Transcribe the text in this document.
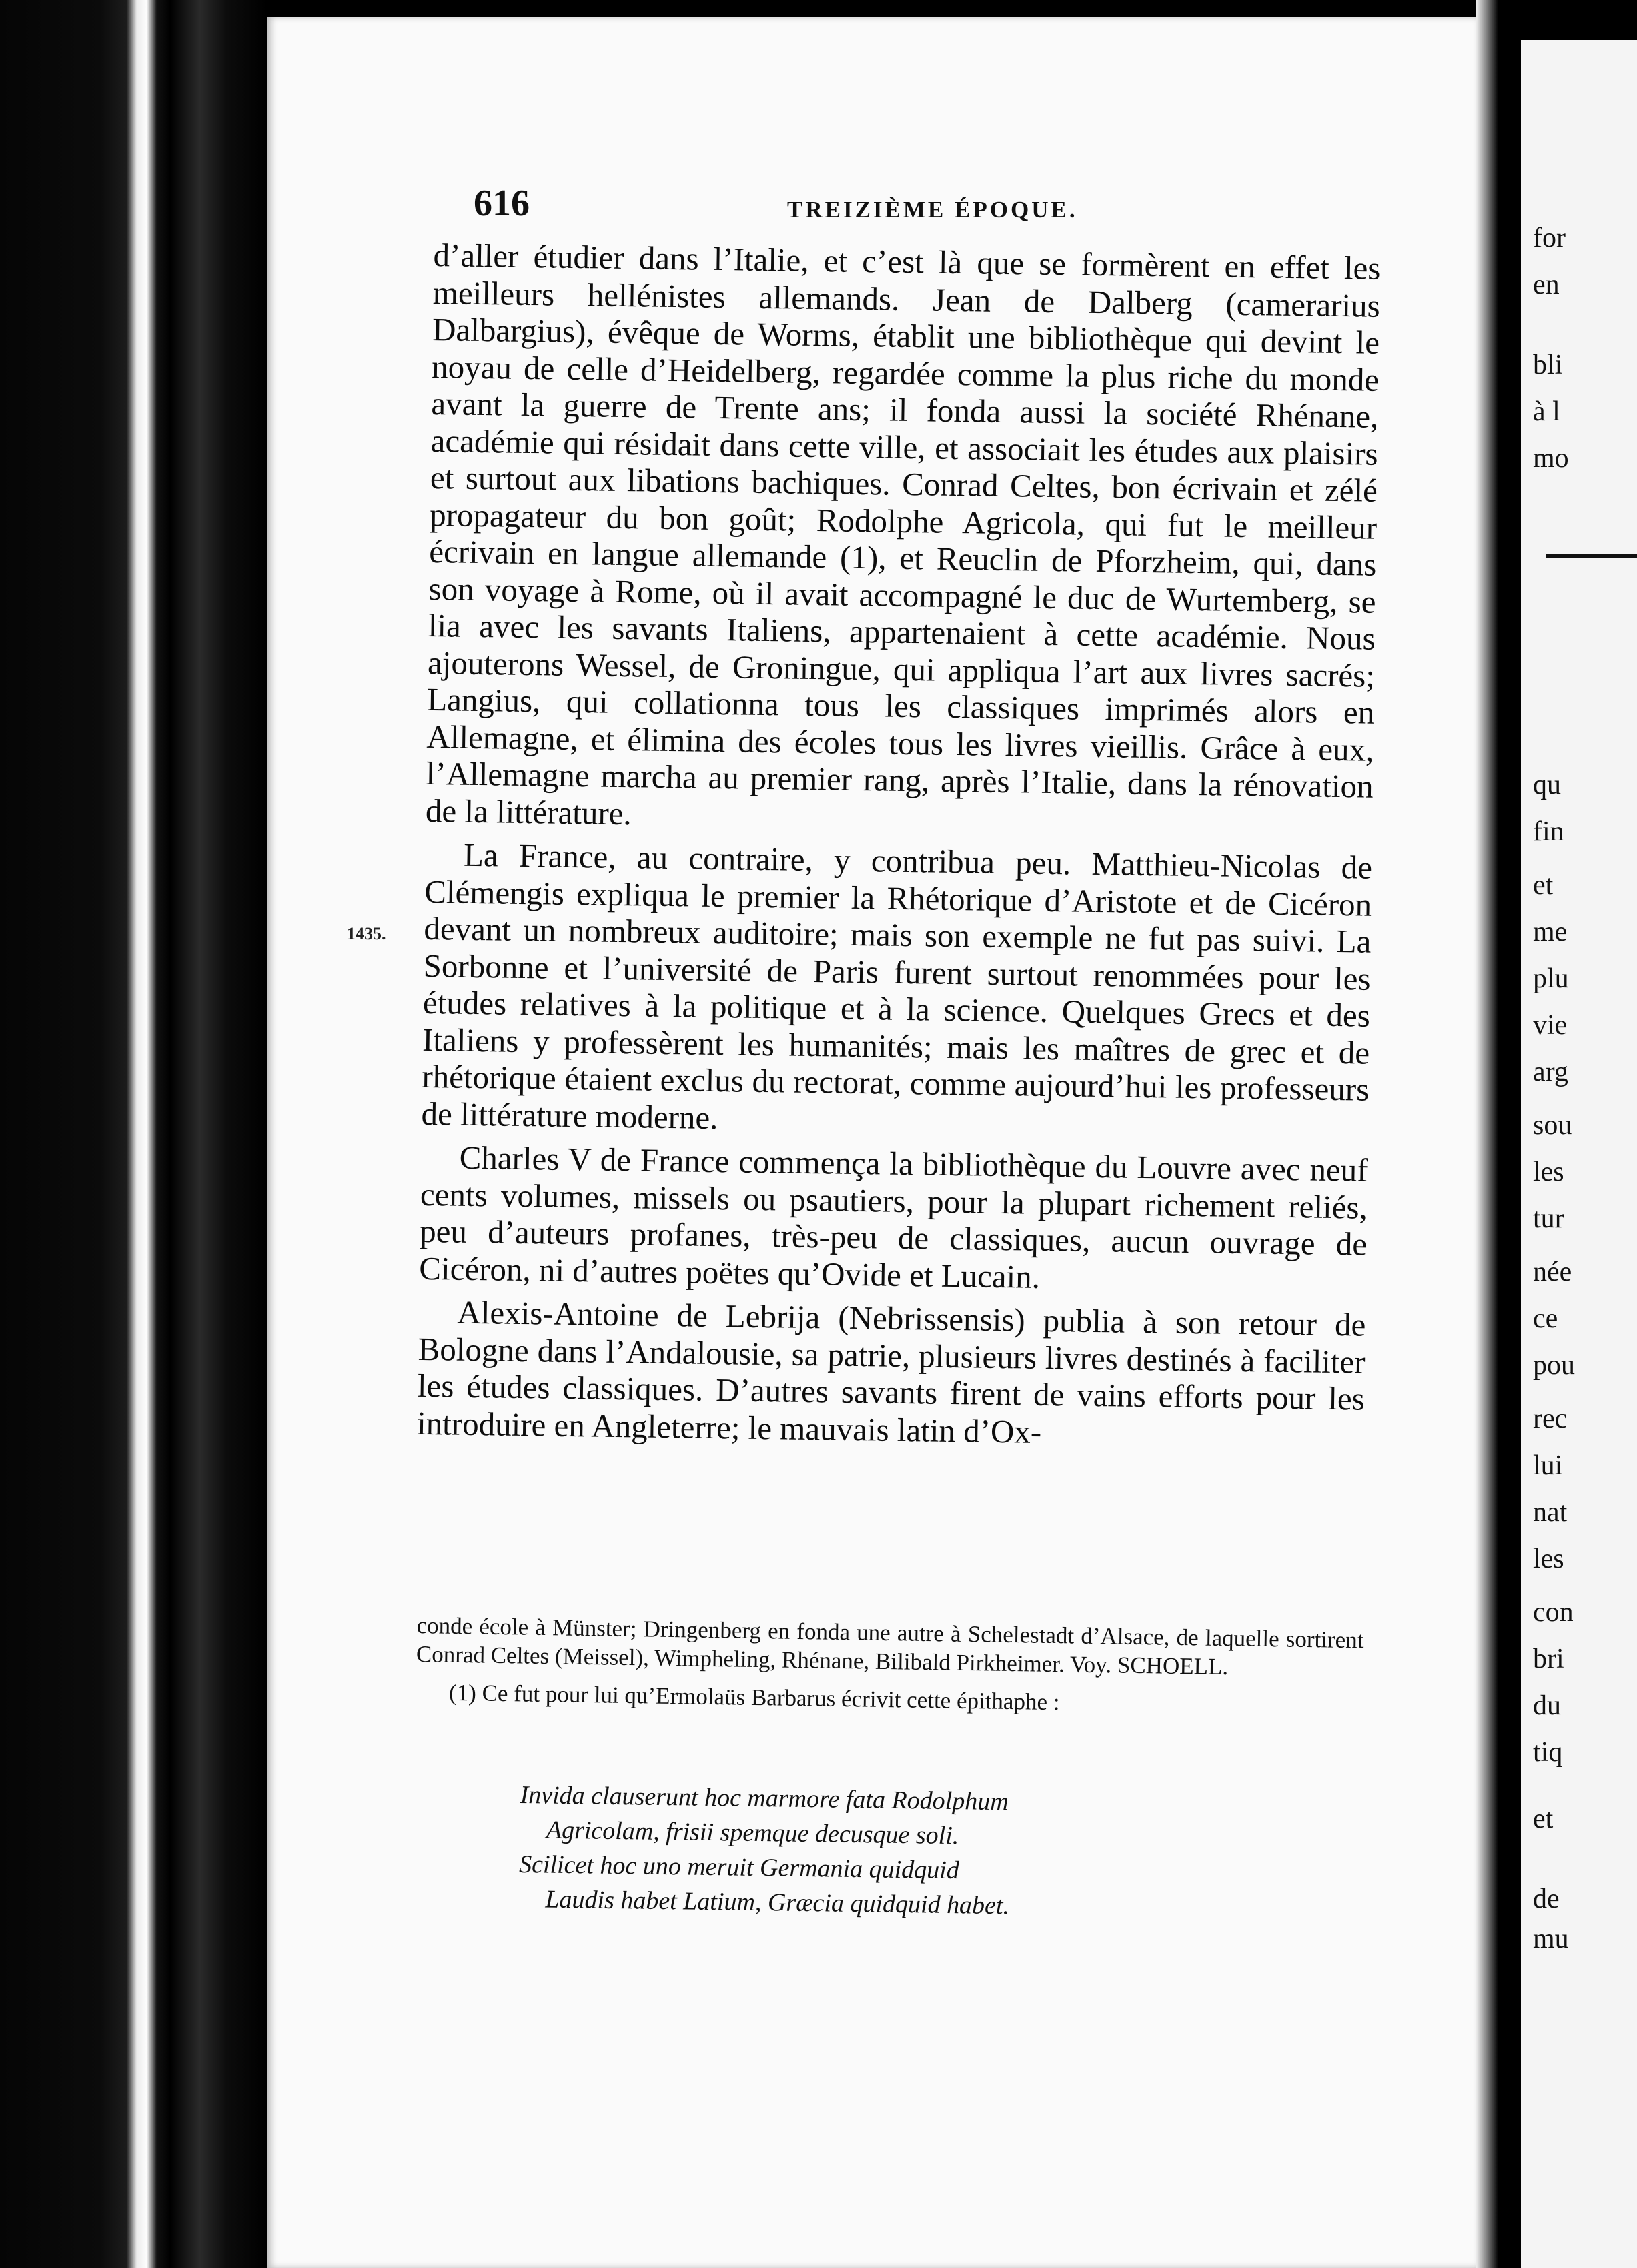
616	TREIZIÈME ÉPOQUE.
1435.

d’aller étudier dans l’Italie, et c’est là que se formèrent en effet les meilleurs hellénistes allemands. Jean de Dalberg (camerarius Dalbargius), évêque de Worms, établit une bibliothèque qui devint le noyau de celle d’Heidelberg, regardée comme la plus riche du monde avant la guerre de Trente ans; il fonda aussi la société Rhénane, académie qui résidait dans cette ville, et associait les études aux plaisirs et surtout aux libations bachiques. Conrad Celtes, bon écrivain et zélé propagateur du bon goût; Rodolphe Agricola, qui fut le meilleur écrivain en langue allemande (1), et Reuclin de Pforzheim, qui, dans son voyage à Rome, où il avait accompagné le duc de Wurtemberg, se lia avec les savants Italiens, appartenaient à cette académie. Nous ajouterons Wessel, de Groningue, qui appliqua l’art aux livres sacrés; Langius, qui collationna tous les classiques imprimés alors en Allemagne, et élimina des écoles tous les livres vieillis. Grâce à eux, l’Allemagne marcha au premier rang, après l’Italie, dans la rénovation de la littérature.

La France, au contraire, y contribua peu. Matthieu-Nicolas de Clémengis expliqua le premier la Rhétorique d’Aristote et de Cicéron devant un nombreux auditoire; mais son exemple ne fut pas suivi. La Sorbonne et l’université de Paris furent surtout renommées pour les études relatives à la politique et à la science. Quelques Grecs et des Italiens y professèrent les humanités; mais les maîtres de grec et de rhétorique étaient exclus du rectorat, comme aujourd’hui les professeurs de littérature moderne.

Charles V de France commença la bibliothèque du Louvre avec neuf cents volumes, missels ou psautiers, pour la plupart richement reliés, peu d’auteurs profanes, très-peu de classiques, aucun ouvrage de Cicéron, ni d’autres poëtes qu’Ovide et Lucain.

Alexis-Antoine de Lebrija (Nebrissensis) publia à son retour de Bologne dans l’Andalousie, sa patrie, plusieurs livres destinés à faciliter les études classiques. D’autres savants firent de vains efforts pour les introduire en Angleterre; le mauvais latin d’Ox-

conde école à Münster; Dringenberg en fonda une autre à Schelestadt d’Alsace, de laquelle sortirent Conrad Celtes (Meissel), Wimpheling, Rhénane, Bilibald Pirkheimer. Voy. SCHOELL.

(1) Ce fut pour lui qu’Ermolaüs Barbarus écrivit cette épithaphe :

Invida clauserunt hoc marmore fata Rodolphum
Agricolam, frisii spemque decusque soli.
Scilicet hoc uno meruit Germania quidquid
Laudis habet Latium, Græcia quidquid habet.
for
en
bli
à l
mo
qu
fin
et
me
plu
vie
arg
sou
les
tur
née
ce
pou
rec
lui
nat
les
con
bri
du
tiq
et
de
mu
